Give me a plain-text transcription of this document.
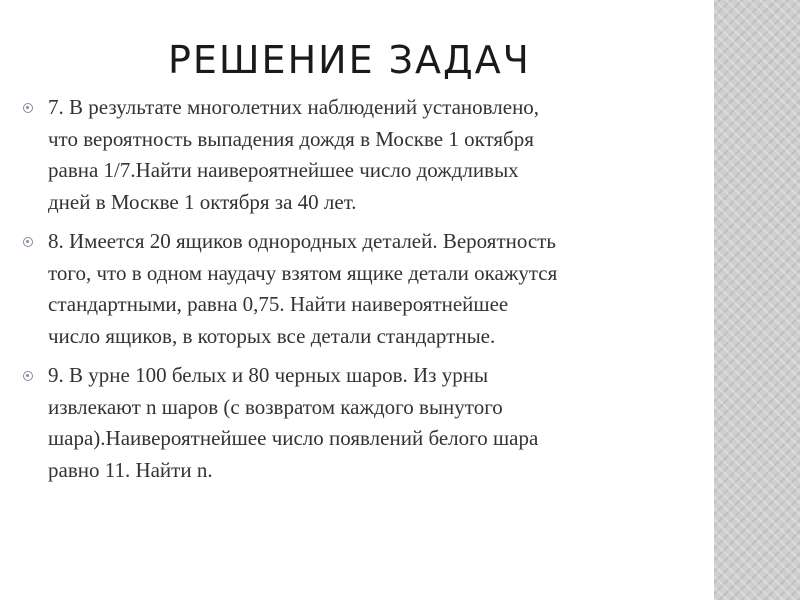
РЕШЕНИЕ ЗАДАЧ
7. В результате многолетних наблюдений установлено,
что вероятность выпадения дождя в Москве 1 октября
равна 1/7.Найти наивероятнейшее число дождливых
дней в Москве 1 октября за 40 лет.
8. Имеется 20 ящиков однородных деталей. Вероятность
того, что в одном наудачу взятом ящике детали окажутся
стандартными, равна 0,75. Найти наивероятнейшее
число ящиков, в которых все детали стандартные.
9. В урне 100 белых и 80 черных шаров. Из урны
извлекают n шаров (с возвратом каждого вынутого
шара).Наивероятнейшее число появлений белого шара
равно 11. Найти n.
